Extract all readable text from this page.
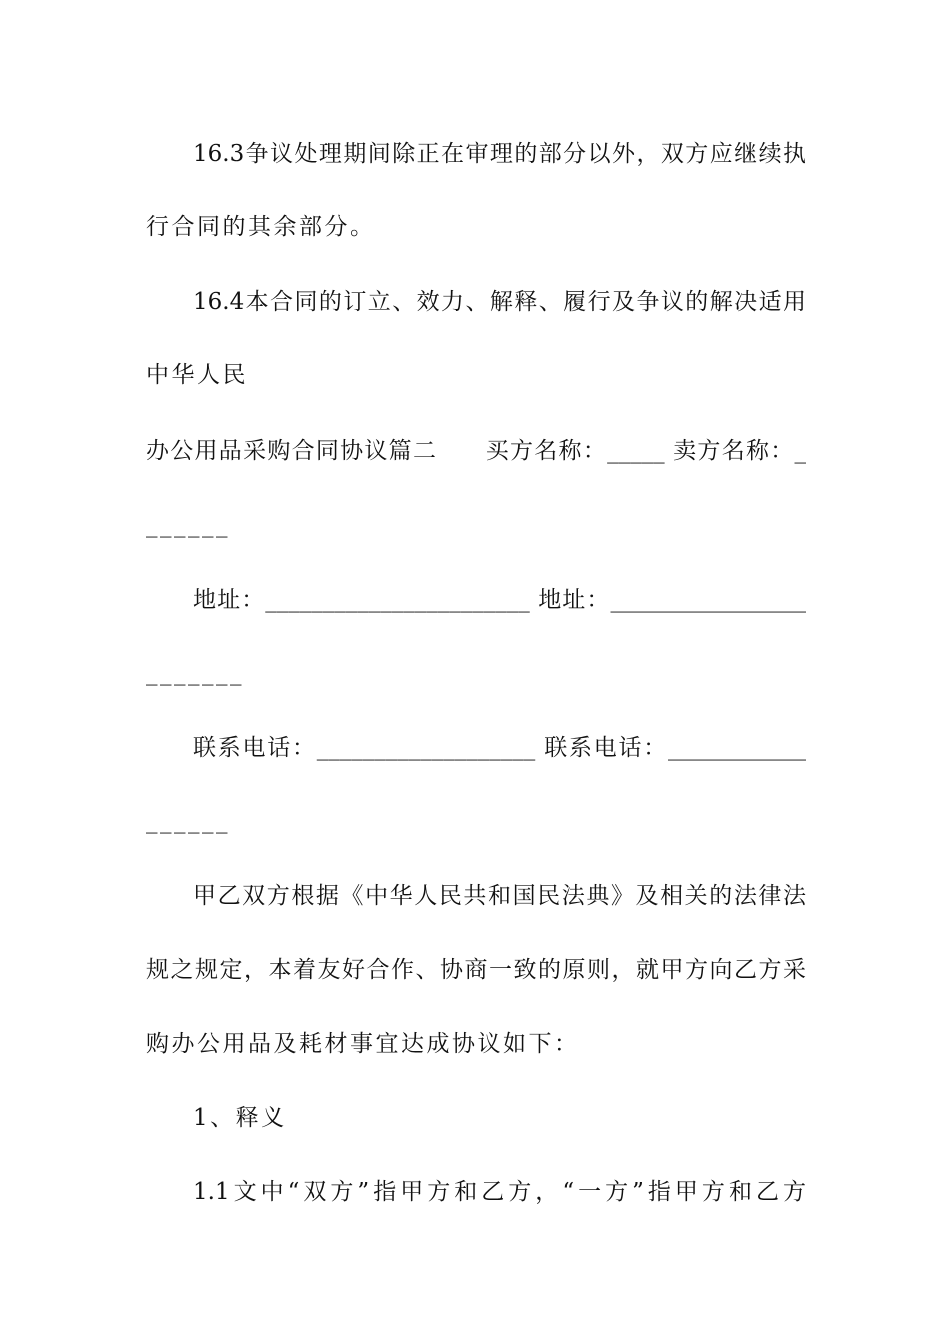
16.3争议处理期间除正在审理的部分以外，双方应继续执
行合同的其余部分。
16.4本合同的订立、效力、解释、履行及争议的解决适用
中华人民
办公用品采购合同协议篇二　　买方名称：_____ 卖方名称：_
______
地址：_______________________ 地址：_________________
_______
联系电话：___________________ 联系电话：____________
______
甲乙双方根据《中华人民共和国民法典》及相关的法律法
规之规定，本着友好合作、协商一致的原则，就甲方向乙方采
购办公用品及耗材事宜达成协议如下：
1、释义
1.1文中“双方”指甲方和乙方，“一方”指甲方和乙方
